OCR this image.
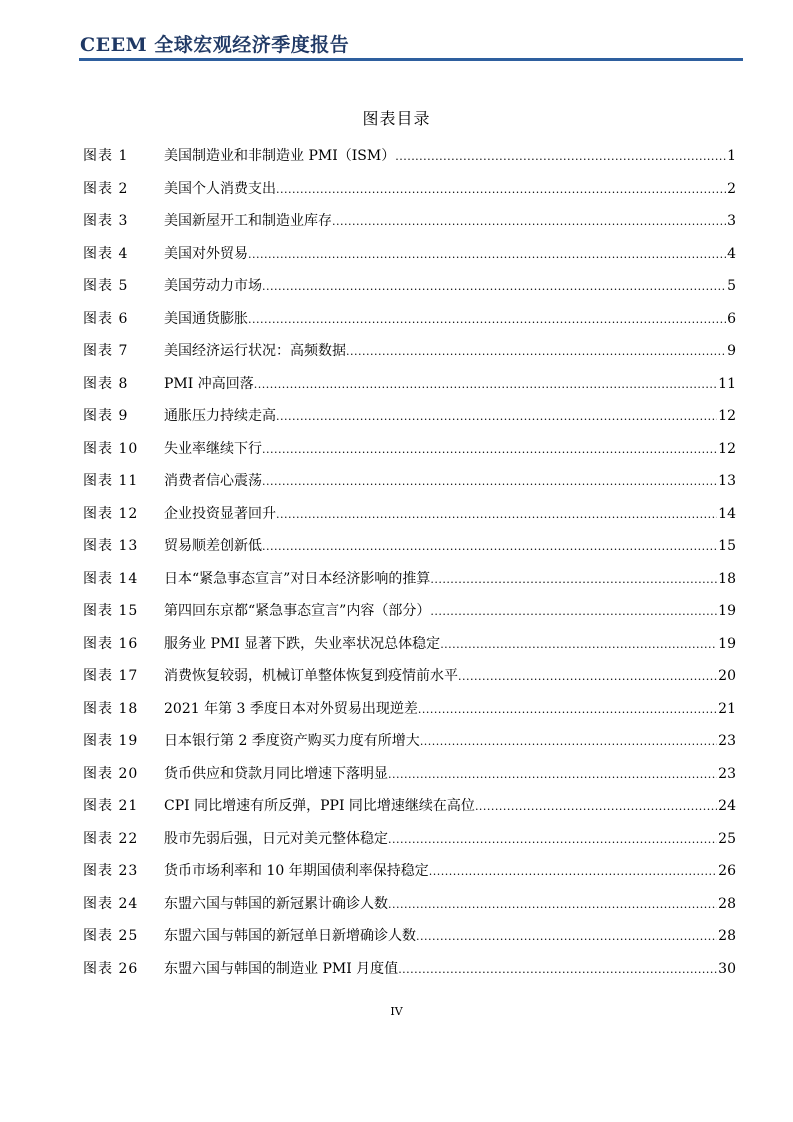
CEEM 全球宏观经济季度报告
图表目录
图表 1	美国制造业和非制造业 PMI（ISM） .....	1
图表 2	美国个人消费支出 .....	2
图表 3	美国新屋开工和制造业库存 .....	3
图表 4	美国对外贸易 .....	4
图表 5	美国劳动力市场 .....	5
图表 6	美国通货膨胀 .....	6
图表 7	美国经济运行状况：高频数据 .....	9
图表 8	PMI 冲高回落 .....	11
图表 9	通胀压力持续走高 .....	12
图表 10	失业率继续下行 .....	12
图表 11	消费者信心震荡 .....	13
图表 12	企业投资显著回升 .....	14
图表 13	贸易顺差创新低 .....	15
图表 14	日本“紧急事态宣言”对日本经济影响的推算 .....	18
图表 15	第四回东京都“紧急事态宣言”内容（部分） .....	19
图表 16	服务业 PMI 显著下跌，失业率状况总体稳定 .....	19
图表 17	消费恢复较弱，机械订单整体恢复到疫情前水平 .....	20
图表 18	2021 年第 3 季度日本对外贸易出现逆差 .....	21
图表 19	日本银行第 2 季度资产购买力度有所增大 .....	23
图表 20	货币供应和贷款月同比增速下落明显 .....	23
图表 21	CPI 同比增速有所反弹，PPI 同比增速继续在高位 .....	24
图表 22	股市先弱后强，日元对美元整体稳定 .....	25
图表 23	货币市场利率和 10 年期国债利率保持稳定 .....	26
图表 24	东盟六国与韩国的新冠累计确诊人数 .....	28
图表 25	东盟六国与韩国的新冠单日新增确诊人数 .....	28
图表 26	东盟六国与韩国的制造业 PMI 月度值 .....	30

IV
